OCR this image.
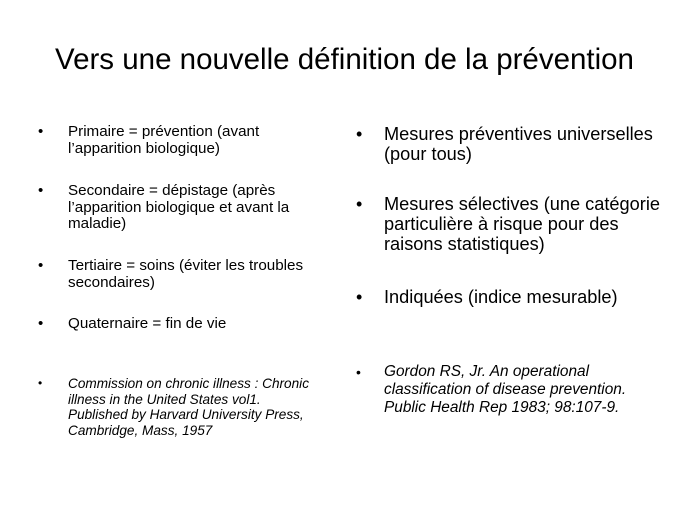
Vers une nouvelle définition de la prévention
• Primaire = prévention (avant l’apparition biologique)
• Secondaire = dépistage (après l’apparition biologique et avant la maladie)
• Tertiaire = soins (éviter les troubles secondaires)
• Quaternaire = fin de vie
• Commission on chronic illness : Chronic illness in the United States vol1. Published by Harvard University Press, Cambridge, Mass, 1957
• Mesures préventives universelles (pour tous)
• Mesures sélectives (une catégorie particulière à risque pour des raisons statistiques)
• Indiquées (indice mesurable)
• Gordon RS, Jr. An operational classification of disease prevention. Public Health Rep 1983; 98:107-9.
